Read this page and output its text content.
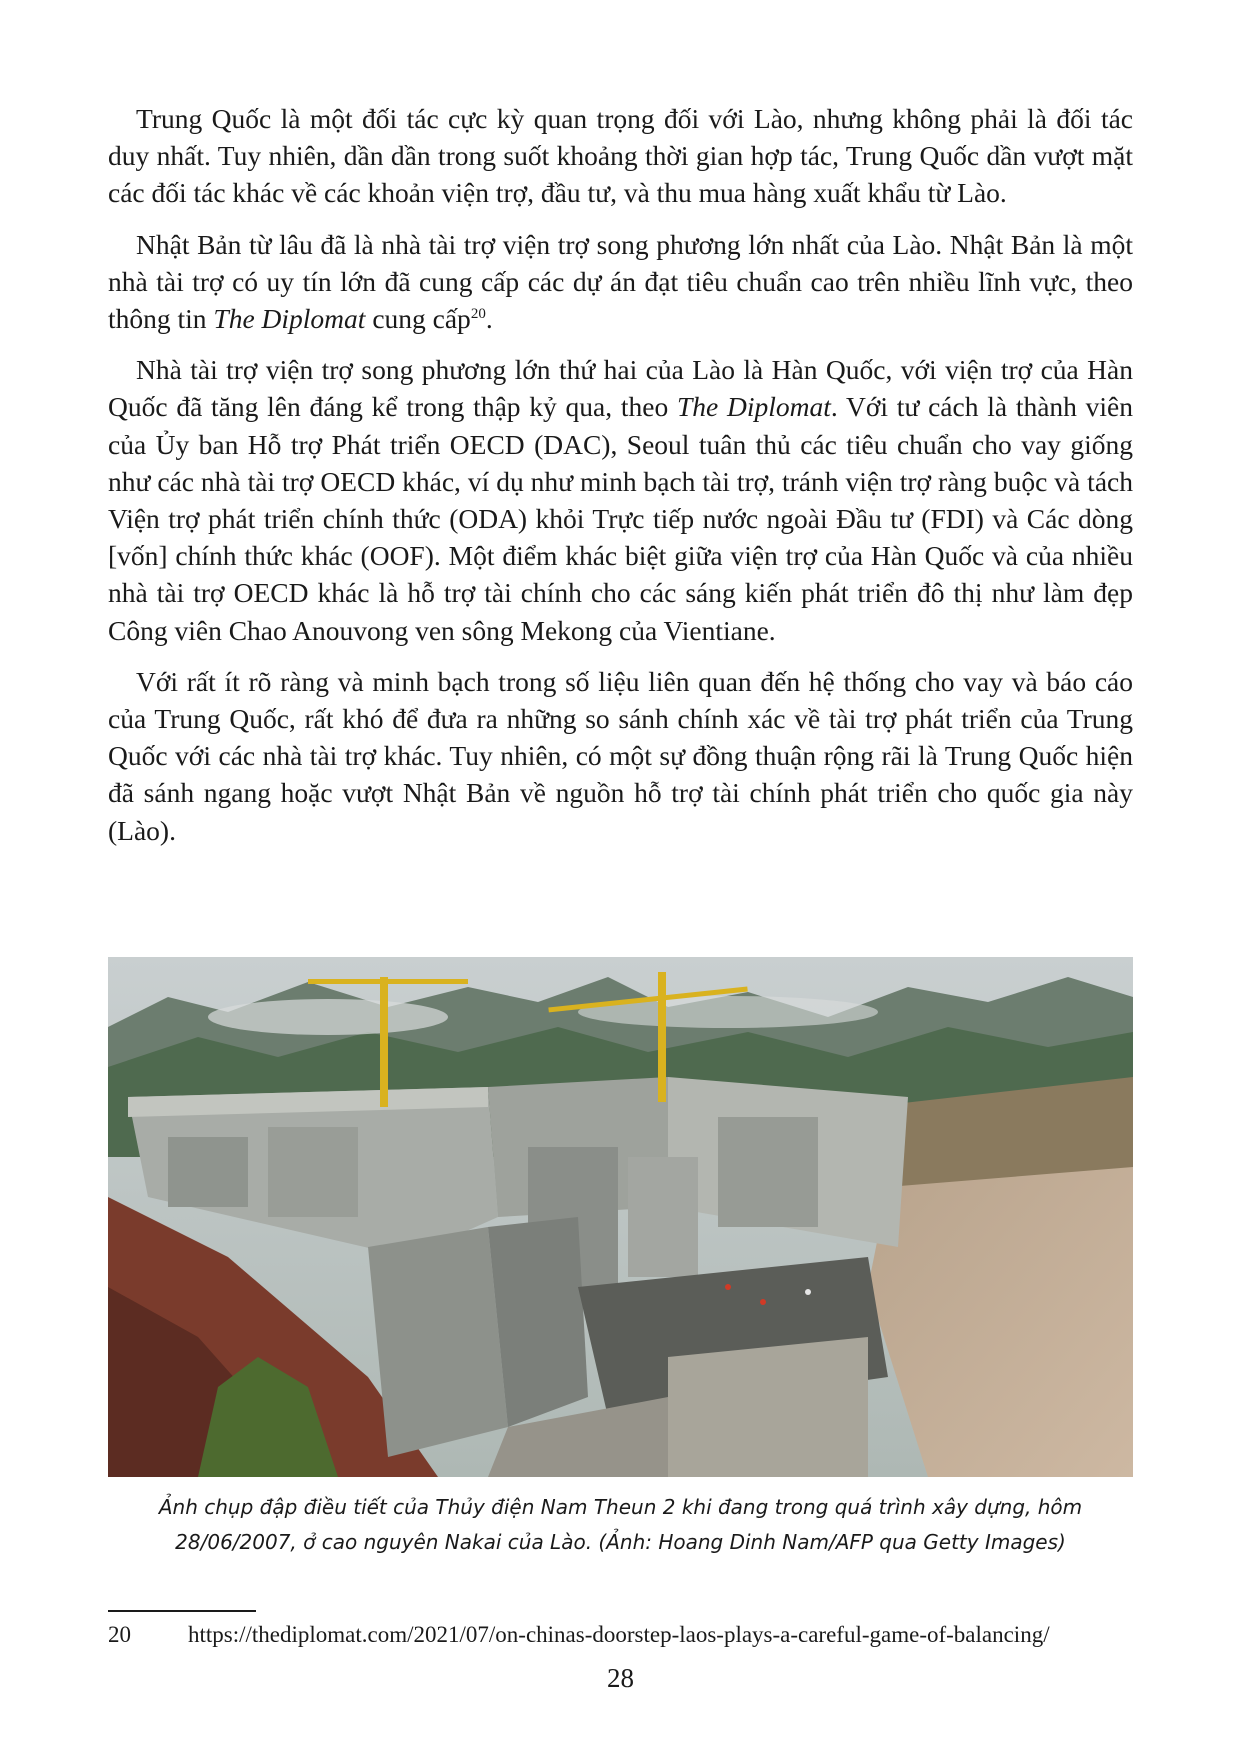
Trung Quốc là một đối tác cực kỳ quan trọng đối với Lào, nhưng không phải là đối tác duy nhất. Tuy nhiên, dần dần trong suốt khoảng thời gian hợp tác, Trung Quốc dần vượt mặt các đối tác khác về các khoản viện trợ, đầu tư, và thu mua hàng xuất khẩu từ Lào.

Nhật Bản từ lâu đã là nhà tài trợ viện trợ song phương lớn nhất của Lào. Nhật Bản là một nhà tài trợ có uy tín lớn đã cung cấp các dự án đạt tiêu chuẩn cao trên nhiều lĩnh vực, theo thông tin The Diplomat cung cấp$^{20}$.

Nhà tài trợ viện trợ song phương lớn thứ hai của Lào là Hàn Quốc, với viện trợ của Hàn Quốc đã tăng lên đáng kể trong thập kỷ qua, theo The Diplomat. Với tư cách là thành viên của Ủy ban Hỗ trợ Phát triển OECD (DAC), Seoul tuân thủ các tiêu chuẩn cho vay giống như các nhà tài trợ OECD khác, ví dụ như minh bạch tài trợ, tránh viện trợ ràng buộc và tách Viện trợ phát triển chính thức (ODA) khỏi Trực tiếp nước ngoài Đầu tư (FDI) và Các dòng [vốn] chính thức khác (OOF). Một điểm khác biệt giữa viện trợ của Hàn Quốc và của nhiều nhà tài trợ OECD khác là hỗ trợ tài chính cho các sáng kiến phát triển đô thị như làm đẹp Công viên Chao Anouvong ven sông Mekong của Vientiane.

Với rất ít rõ ràng và minh bạch trong số liệu liên quan đến hệ thống cho vay và báo cáo của Trung Quốc, rất khó để đưa ra những so sánh chính xác về tài trợ phát triển của Trung Quốc với các nhà tài trợ khác. Tuy nhiên, có một sự đồng thuận rộng rãi là Trung Quốc hiện đã sánh ngang hoặc vượt Nhật Bản về nguồn hỗ trợ tài chính phát triển cho quốc gia này (Lào).

Ảnh chụp đập điều tiết của Thủy điện Nam Theun 2 khi đang trong quá trình xây dựng, hôm 28/06/2007, ở cao nguyên Nakai của Lào. (Ảnh: Hoang Dinh Nam/AFP qua Getty Images)
20	https://thediplomat.com/2021/07/on-chinas-doorstep-laos-plays-a-careful-game-of-balancing/
28
